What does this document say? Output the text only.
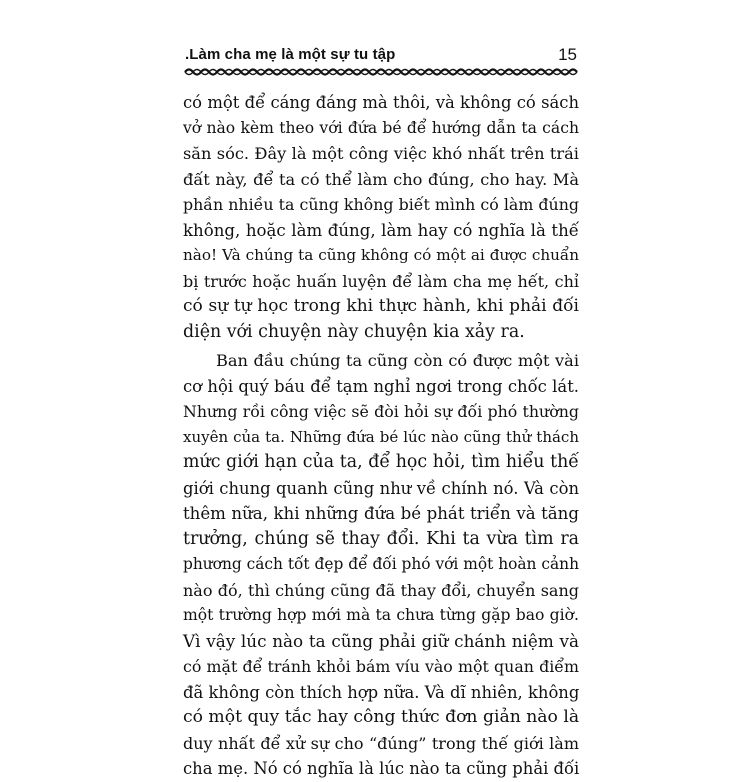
.Làm cha mẹ là một sự tu tập	15
có một để cáng đáng mà thôi, và không có sách
vở nào kèm theo với đứa bé để hướng dẫn ta cách
săn sóc. Đây là một công việc khó nhất trên trái
đất này, để ta có thể làm cho đúng, cho hay. Mà
phần nhiều ta cũng không biết mình có làm đúng
không, hoặc làm đúng, làm hay có nghĩa là thế
nào! Và chúng ta cũng không có một ai được chuẩn
bị trước hoặc huấn luyện để làm cha mẹ hết, chỉ
có sự tự học trong khi thực hành, khi phải đối
diện với chuyện này chuyện kia xảy ra.
Ban đầu chúng ta cũng còn có được một vài
cơ hội quý báu để tạm nghỉ ngơi trong chốc lát.
Nhưng rồi công việc sẽ đòi hỏi sự đối phó thường
xuyên của ta. Những đứa bé lúc nào cũng thử thách
mức giới hạn của ta, để học hỏi, tìm hiểu thế
giới chung quanh cũng như về chính nó. Và còn
thêm nữa, khi những đứa bé phát triển và tăng
trưởng, chúng sẽ thay đổi. Khi ta vừa tìm ra
phương cách tốt đẹp để đối phó với một hoàn cảnh
nào đó, thì chúng cũng đã thay đổi, chuyển sang
một trường hợp mới mà ta chưa từng gặp bao giờ.
Vì vậy lúc nào ta cũng phải giữ chánh niệm và
có mặt để tránh khỏi bám víu vào một quan điểm
đã không còn thích hợp nữa. Và dĩ nhiên, không
có một quy tắc hay công thức đơn giản nào là
duy nhất để xử sự cho “đúng” trong thế giới làm
cha mẹ. Nó có nghĩa là lúc nào ta cũng phải đối
